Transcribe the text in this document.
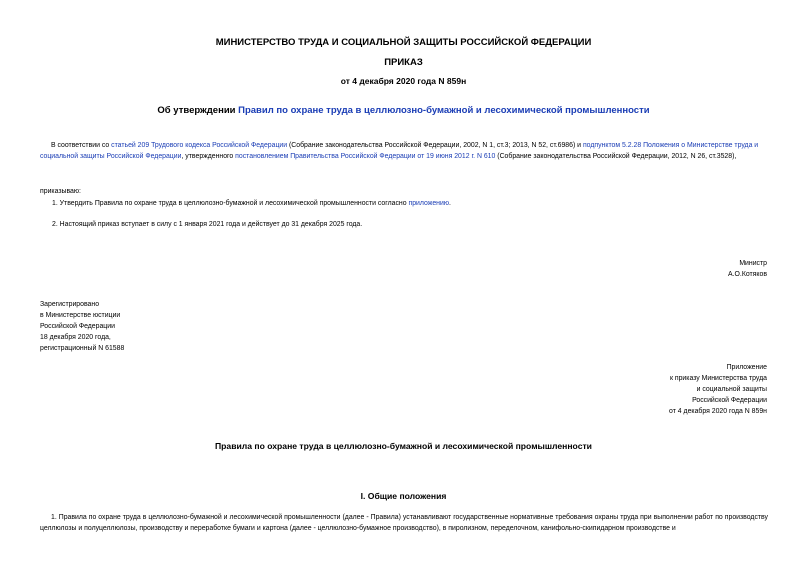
МИНИСТЕРСТВО ТРУДА И СОЦИАЛЬНОЙ ЗАЩИТЫ РОССИЙСКОЙ ФЕДЕРАЦИИ
ПРИКАЗ
от 4 декабря 2020 года N 859н
Об утверждении Правил по охране труда в целлюлозно-бумажной и лесохимической промышленности
В соответствии со статьей 209 Трудового кодекса Российской Федерации (Собрание законодательства Российской Федерации, 2002, N 1, ст.3; 2013, N 52, ст.6986) и подпунктом 5.2.28 Положения о Министерстве труда и социальной защиты Российской Федерации, утвержденного постановлением Правительства Российской Федерации от 19 июня 2012 г. N 610 (Собрание законодательства Российской Федерации, 2012, N 26, ст.3528),
приказываю:
1. Утвердить Правила по охране труда в целлюлозно-бумажной и лесохимической промышленности согласно приложению.
2. Настоящий приказ вступает в силу с 1 января 2021 года и действует до 31 декабря 2025 года.
Министр
А.О.Котяков
Зарегистрировано
в Министерстве юстиции
Российской Федерации
18 декабря 2020 года,
регистрационный N 61588
Приложение
к приказу Министерства труда
и социальной защиты
Российской Федерации
от 4 декабря 2020 года N 859н
Правила по охране труда в целлюлозно-бумажной и лесохимической промышленности
I. Общие положения
1. Правила по охране труда в целлюлозно-бумажной и лесохимической промышленности (далее - Правила) устанавливают государственные нормативные требования охраны труда при выполнении работ по производству целлюлозы и полуцеллюлозы, производству и переработке бумаги и картона (далее - целлюлозно-бумажное производство), в пиролизном, переделочном, канифольно-скипидарном производстве и
